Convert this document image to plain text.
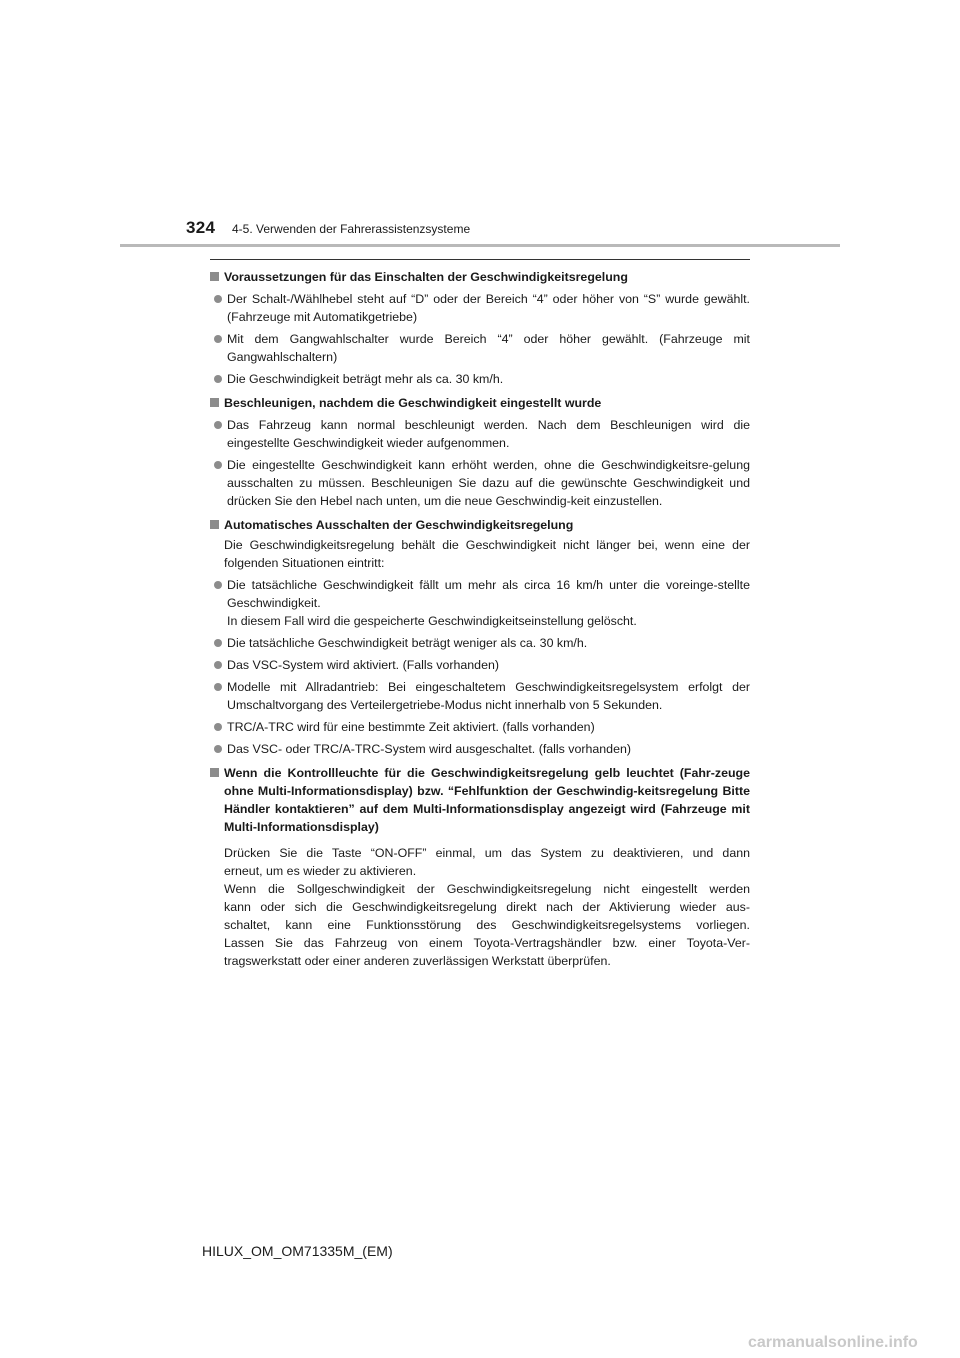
324 4-5. Verwenden der Fahrerassistenzsysteme
Voraussetzungen für das Einschalten der Geschwindigkeitsregelung
Der Schalt-/Wählhebel steht auf “D” oder der Bereich “4” oder höher von “S” wurde gewählt. (Fahrzeuge mit Automatikgetriebe)
Mit dem Gangwahlschalter wurde Bereich “4” oder höher gewählt. (Fahrzeuge mit Gangwahlschaltern)
Die Geschwindigkeit beträgt mehr als ca. 30 km/h.
Beschleunigen, nachdem die Geschwindigkeit eingestellt wurde
Das Fahrzeug kann normal beschleunigt werden. Nach dem Beschleunigen wird die eingestellte Geschwindigkeit wieder aufgenommen.
Die eingestellte Geschwindigkeit kann erhöht werden, ohne die Geschwindigkeitsre-gelung ausschalten zu müssen. Beschleunigen Sie dazu auf die gewünschte Geschwindigkeit und drücken Sie den Hebel nach unten, um die neue Geschwindig-keit einzustellen.
Automatisches Ausschalten der Geschwindigkeitsregelung
Die Geschwindigkeitsregelung behält die Geschwindigkeit nicht länger bei, wenn eine der folgenden Situationen eintritt:
Die tatsächliche Geschwindigkeit fällt um mehr als circa 16 km/h unter die voreinge-stellte Geschwindigkeit.
In diesem Fall wird die gespeicherte Geschwindigkeitseinstellung gelöscht.
Die tatsächliche Geschwindigkeit beträgt weniger als ca. 30 km/h.
Das VSC-System wird aktiviert. (Falls vorhanden)
Modelle mit Allradantrieb: Bei eingeschaltetem Geschwindigkeitsregelsystem erfolgt der Umschaltvorgang des Verteilergetriebe-Modus nicht innerhalb von 5 Sekunden.
TRC/A-TRC wird für eine bestimmte Zeit aktiviert. (falls vorhanden)
Das VSC- oder TRC/A-TRC-System wird ausgeschaltet. (falls vorhanden)
Wenn die Kontrollleuchte für die Geschwindigkeitsregelung gelb leuchtet (Fahr-zeuge ohne Multi-Informationsdisplay) bzw. “Fehlfunktion der Geschwindig-keitsregelung Bitte Händler kontaktieren” auf dem Multi-Informationsdisplay angezeigt wird (Fahrzeuge mit Multi-Informationsdisplay)
Drücken Sie die Taste “ON-OFF” einmal, um das System zu deaktivieren, und dann
erneut, um es wieder zu aktivieren.
Wenn die Sollgeschwindigkeit der Geschwindigkeitsregelung nicht eingestellt werden
kann oder sich die Geschwindigkeitsregelung direkt nach der Aktivierung wieder aus-
schaltet, kann eine Funktionsstörung des Geschwindigkeitsregelsystems vorliegen.
Lassen Sie das Fahrzeug von einem Toyota-Vertragshändler bzw. einer Toyota-Ver-
tragswerkstatt oder einer anderen zuverlässigen Werkstatt überprüfen.
HILUX_OM_OM71335M_(EM)
carmanualsonline.info
